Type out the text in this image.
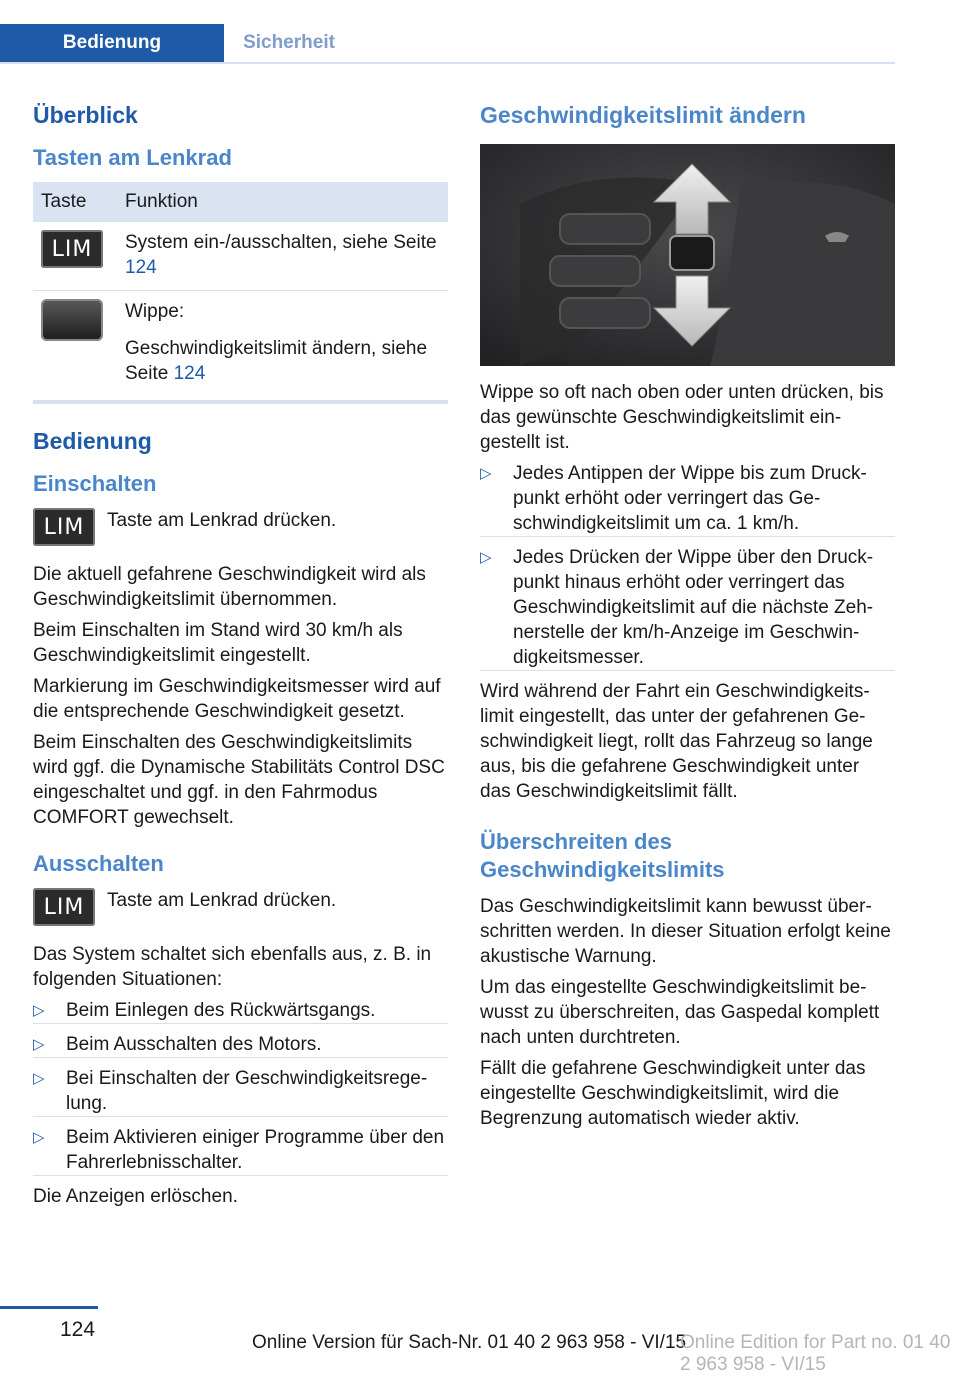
Bedienung	Sicherheit
Überblick
Tasten am Lenkrad
Taste	Funktion
LIM	System ein-/ausschalten, siehe Seite 124

	Wippe:
Geschwindigkeitslimit ändern, siehe Seite 124
Bedienung
Einschalten
LIM	Taste am Lenkrad drücken.

Die aktuell gefahrene Geschwindigkeit wird als Geschwindigkeitslimit übernommen.

Beim Einschalten im Stand wird 30 km/h als Geschwindigkeitslimit eingestellt.

Markierung im Geschwindigkeitsmesser wird auf die entsprechende Geschwindigkeit gesetzt.

Beim Einschalten des Geschwindigkeitslimits wird ggf. die Dynamische Stabilitäts Control DSC eingeschaltet und ggf. in den Fahrmodus COMFORT gewechselt.

Ausschalten
LIM	Taste am Lenkrad drücken.

Das System schaltet sich ebenfalls aus, z. B. in folgenden Situationen:

▷ Beim Einlegen des Rückwärtsgangs.
▷ Beim Ausschalten des Motors.
▷ Bei Einschalten der Geschwindigkeitsregelung.
▷ Beim Aktivieren einiger Programme über den Fahrerlebnisschalter.

Die Anzeigen erlöschen.

Geschwindigkeitslimit ändern

Wippe so oft nach oben oder unten drücken, bis das gewünschte Geschwindigkeitslimit eingestellt ist.

▷ Jedes Antippen der Wippe bis zum Druckpunkt erhöht oder verringert das Geschwindigkeitslimit um ca. 1 km/h.
▷ Jedes Drücken der Wippe über den Druckpunkt hinaus erhöht oder verringert das Geschwindigkeitslimit auf die nächste Zehnerstelle der km/h-Anzeige im Geschwindigkeitsmesser.

Wird während der Fahrt ein Geschwindigkeitslimit eingestellt, das unter der gefahrenen Geschwindigkeit liegt, rollt das Fahrzeug so lange aus, bis die gefahrene Geschwindigkeit unter das Geschwindigkeitslimit fällt.

Überschreiten des Geschwindigkeitslimits

Das Geschwindigkeitslimit kann bewusst überschritten werden. In dieser Situation erfolgt keine akustische Warnung.

Um das eingestellte Geschwindigkeitslimit bewusst zu überschreiten, das Gaspedal komplett nach unten durchtreten.

Fällt die gefahrene Geschwindigkeit unter das eingestellte Geschwindigkeitslimit, wird die Begrenzung automatisch wieder aktiv.

124
Online Version für Sach-Nr. 01 40 2 963 958 - VI/15
Online Edition for Part no. 01 40 2 963 958 - VI/15
